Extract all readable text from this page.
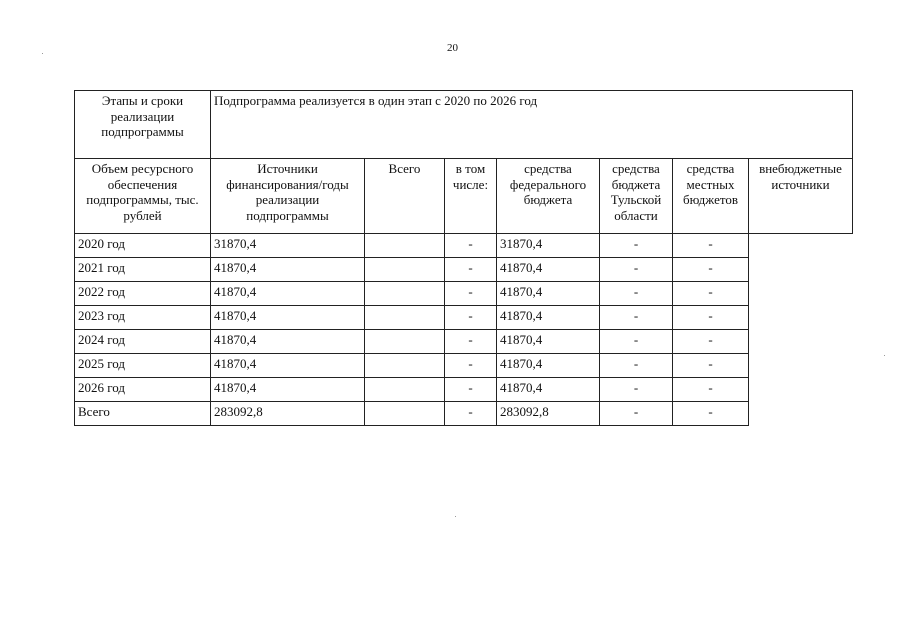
20
Этапы и сроки реализации подпрограммы	Подпрограмма реализуется в один этап с 2020 по 2026 год						
Объем ресурсного обеспечения подпрограммы, тыс. рублей	Источники финансирования/годы реализации подпрограммы	Всего	в том числе:	средства федерального бюджета	средства бюджета Тульской области	средства местных бюджетов	внебюджетные источники
2020 год	31870,4		-	31870,4	-	-	
2021 год	41870,4		-	41870,4	-	-	
2022 год	41870,4		-	41870,4	-	-	
2023 год	41870,4		-	41870,4	-	-	
2024 год	41870,4		-	41870,4	-	-	
2025 год	41870,4		-	41870,4	-	-	
2026 год	41870,4		-	41870,4	-	-	
Всего	283092,8		-	283092,8	-	-	
